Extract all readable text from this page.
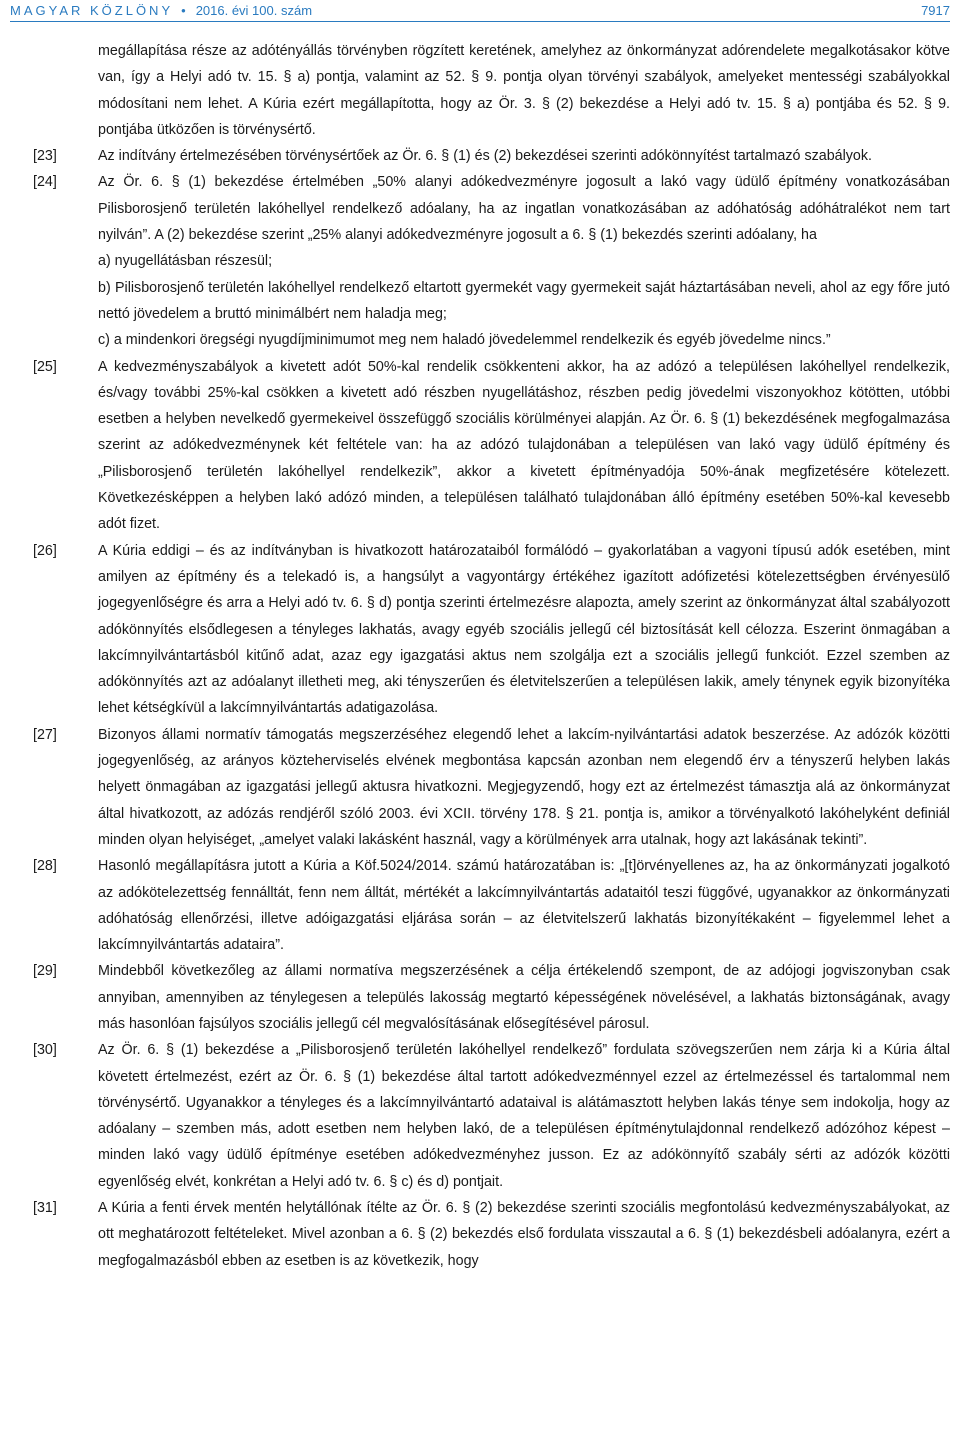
MAGYAR KÖZLÖNY • 2016. évi 100. szám	7917
megállapítása része az adótényállás törvényben rögzített keretének, amelyhez az önkormányzat adórendelete megalkotásakor kötve van, így a Helyi adó tv. 15. § a) pontja, valamint az 52. § 9. pontja olyan törvényi szabályok, amelyeket mentességi szabályokkal módosítani nem lehet. A Kúria ezért megállapította, hogy az Ör. 3. § (2) bekezdése a Helyi adó tv. 15. § a) pontjába és 52. § 9. pontjába ütközően is törvénysértő.
[23]	Az indítvány értelmezésében törvénysértőek az Ör. 6. § (1) és (2) bekezdései szerinti adókönnyítést tartalmazó szabályok.
[24]	Az Ör. 6. § (1) bekezdése értelmében „50% alanyi adókedvezményre jogosult a lakó vagy üdülő építmény vonatkozásában Pilisborosjenő területén lakóhellyel rendelkező adóalany, ha az ingatlan vonatkozásában az adóhatóság adóhátralékot nem tart nyilván”. A (2) bekezdése szerint „25% alanyi adókedvezményre jogosult a 6. § (1) bekezdés szerinti adóalany, ha
a) nyugellátásban részesül;
b) Pilisborosjenő területén lakóhellyel rendelkező eltartott gyermekét vagy gyermekeit saját háztartásában neveli, ahol az egy főre jutó nettó jövedelem a bruttó minimálbért nem haladja meg;
c) a mindenkori öregségi nyugdíjminimumot meg nem haladó jövedelemmel rendelkezik és egyéb jövedelme nincs.”
[25]	A kedvezményszabályok a kivetett adót 50%-kal rendelik csökkenteni akkor, ha az adózó a településen lakóhellyel rendelkezik, és/vagy további 25%-kal csökken a kivetett adó részben nyugellátáshoz, részben pedig jövedelmi viszonyokhoz kötötten, utóbbi esetben a helyben nevelkedő gyermekeivel összefüggő szociális körülményei alapján. Az Ör. 6. § (1) bekezdésének megfogalmazása szerint az adókedvezménynek két feltétele van: ha az adózó tulajdonában a településen van lakó vagy üdülő építmény és „Pilisborosjenő területén lakóhellyel rendelkezik”, akkor a kivetett építményadója 50%-ának megfizetésére kötelezett. Következésképpen a helyben lakó adózó minden, a településen található tulajdonában álló építmény esetében 50%-kal kevesebb adót fizet.
[26]	A Kúria eddigi – és az indítványban is hivatkozott határozataiból formálódó – gyakorlatában a vagyoni típusú adók esetében, mint amilyen az építmény és a telekadó is, a hangsúlyt a vagyontárgy értékéhez igazított adófizetési kötelezettségben érvényesülő jogegyenlőségre és arra a Helyi adó tv. 6. § d) pontja szerinti értelmezésre alapozta, amely szerint az önkormányzat által szabályozott adókönnyítés elsődlegesen a tényleges lakhatás, avagy egyéb szociális jellegű cél biztosítását kell célozza. Eszerint önmagában a lakcímnyilvántartásból kitűnő adat, azaz egy igazgatási aktus nem szolgálja ezt a szociális jellegű funkciót. Ezzel szemben az adókönnyítés azt az adóalanyt illetheti meg, aki tényszerűen és életvitelszerűen a településen lakik, amely ténynek egyik bizonyítéka lehet kétségkívül a lakcímnyilvántartás adatigazolása.
[27]	Bizonyos állami normatív támogatás megszerzéséhez elegendő lehet a lakcím-nyilvántartási adatok beszerzése. Az adózók közötti jogegyenlőség, az arányos közteherviselés elvének megbontása kapcsán azonban nem elegendő érv a tényszerű helyben lakás helyett önmagában az igazgatási jellegű aktusra hivatkozni. Megjegyzendő, hogy ezt az értelmezést támasztja alá az önkormányzat által hivatkozott, az adózás rendjéről szóló 2003. évi XCII. törvény 178. § 21. pontja is, amikor a törvényalkotó lakóhelyként definiál minden olyan helyiséget, „amelyet valaki lakásként használ, vagy a körülmények arra utalnak, hogy azt lakásának tekinti”.
[28]	Hasonló megállapításra jutott a Kúria a Köf.5024/2014. számú határozatában is: „[t]örvényellenes az, ha az önkormányzati jogalkotó az adókötelezettség fennálltát, fenn nem álltát, mértékét a lakcímnyilvántartás adataitól teszi függővé, ugyanakkor az önkormányzati adóhatóság ellenőrzési, illetve adóigazgatási eljárása során – az életvitelszerű lakhatás bizonyítékaként – figyelemmel lehet a lakcímnyilvántartás adataira”.
[29]	Mindebből következőleg az állami normatíva megszerzésének a célja értékelendő szempont, de az adójogi jogviszonyban csak annyiban, amennyiben az ténylegesen a település lakosság megtartó képességének növelésével, a lakhatás biztonságának, avagy más hasonlóan fajsúlyos szociális jellegű cél megvalósításának elősegítésével párosul.
[30]	Az Ör. 6. § (1) bekezdése a „Pilisborosjenő területén lakóhellyel rendelkező” fordulata szövegszerűen nem zárja ki a Kúria által követett értelmezést, ezért az Ör. 6. § (1) bekezdése által tartott adókedvezménnyel ezzel az értelmezéssel és tartalommal nem törvénysértő. Ugyanakkor a tényleges és a lakcímnyilvántartó adataival is alátámasztott helyben lakás ténye sem indokolja, hogy az adóalany – szemben más, adott esetben nem helyben lakó, de a településen építménytulajdonnal rendelkező adózóhoz képest – minden lakó vagy üdülő építménye esetében adókedvezményhez jusson. Ez az adókönnyítő szabály sérti az adózók közötti egyenlőség elvét, konkrétan a Helyi adó tv. 6. § c) és d) pontjait.
[31]	A Kúria a fenti érvek mentén helytállónak ítélte az Ör. 6. § (2) bekezdése szerinti szociális megfontolású kedvezményszabályokat, az ott meghatározott feltételeket. Mivel azonban a 6. § (2) bekezdés első fordulata visszautal a 6. § (1) bekezdésbeli adóalanyra, ezért a megfogalmazásból ebben az esetben is az következik, hogy
